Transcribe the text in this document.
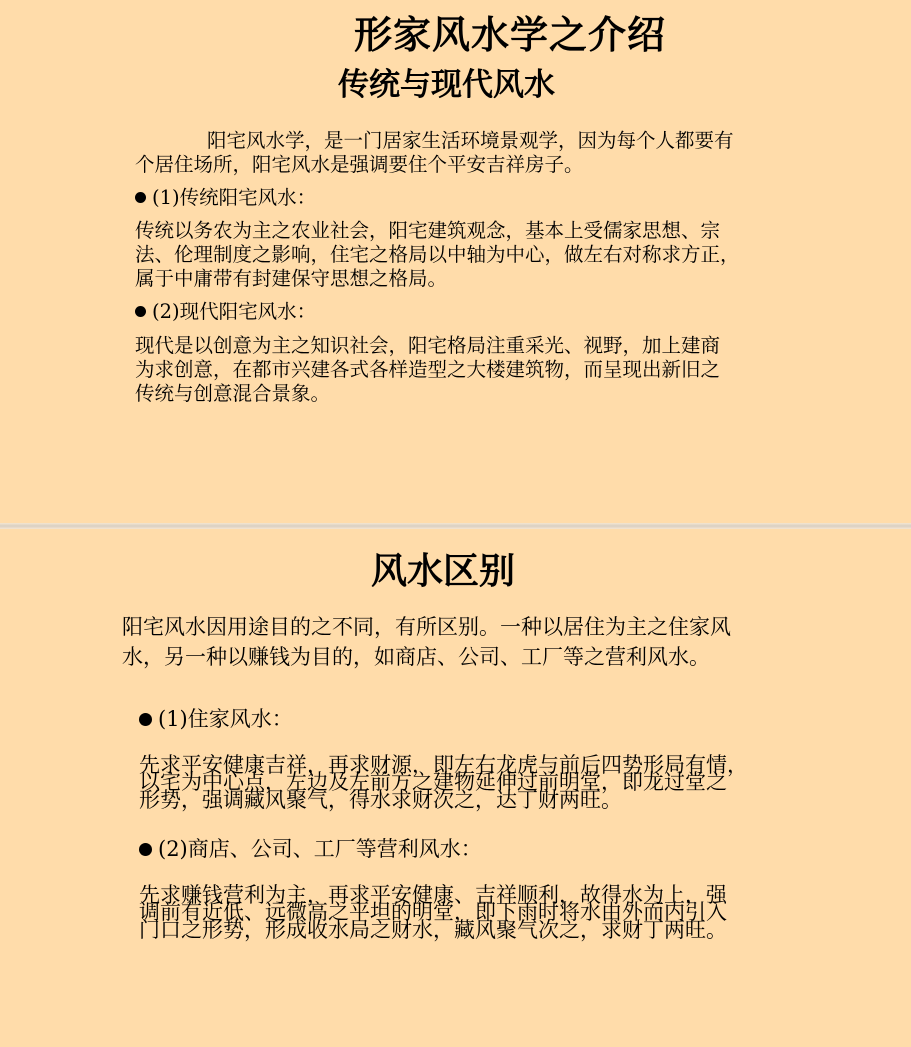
形家风水学之介绍
传统与现代风水

阳宅风水学，是一门居家生活环境景观学，因为每个人都要有

个居住场所，阳宅风水是强调要住个平安吉祥房子。

(1)传统阳宅风水：

传统以务农为主之农业社会，阳宅建筑观念，基本上受儒家思想、宗

法、伦理制度之影响，住宅之格局以中轴为中心，做左右对称求方正，

属于中庸带有封建保守思想之格局。

(2)现代阳宅风水：

现代是以创意为主之知识社会，阳宅格局注重采光、视野，加上建商

为求创意，在都市兴建各式各样造型之大楼建筑物，而呈现出新旧之

传统与创意混合景象。

风水区别

阳宅风水因用途目的之不同，有所区别。一种以居住为主之住家风

水，另一种以赚钱为目的，如商店、公司、工厂等之营利风水。

(1)住家风水：

先求平安健康吉祥，再求财源，即左右龙虎与前后四势形局有情，

以宅为中心点，左边及左前方之建物延伸过前明堂，即龙过堂之

形势，强调藏风聚气，得水求财次之，达丁财两旺。

(2)商店、公司、工厂等营利风水：

先求赚钱营利为主，再求平安健康、吉祥顺利，故得水为上，强

调前有近低、远微高之平坦的明堂，即下雨时将水由外而内引入

门口之形势，形成收水局之财水，藏风聚气次之，求财丁两旺。
